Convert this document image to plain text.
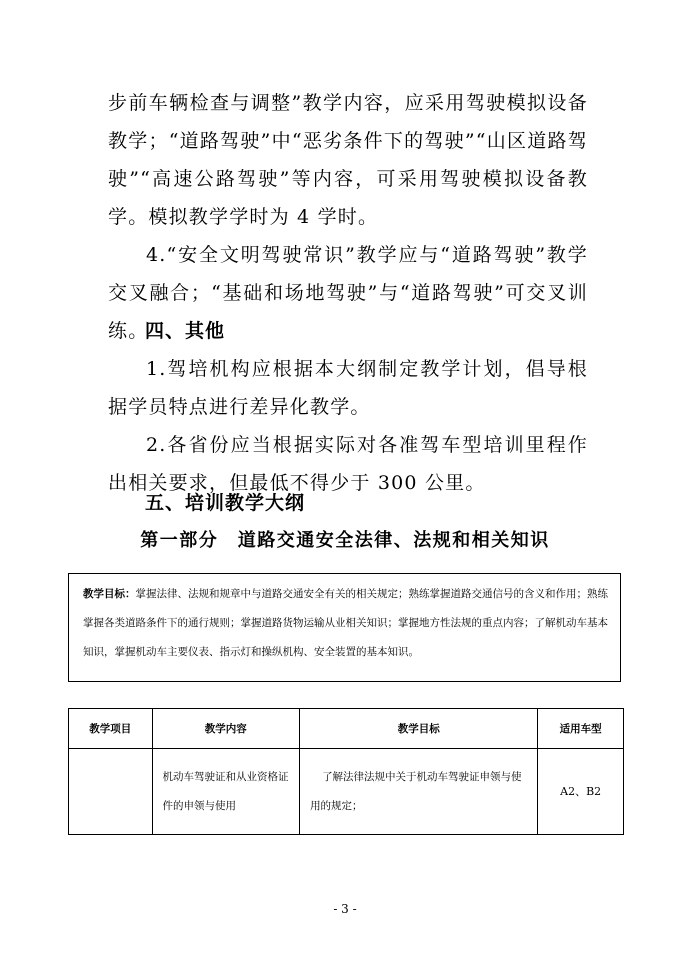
步前车辆检查与调整”教学内容，应采用驾驶模拟设备教学；“道路驾驶”中“恶劣条件下的驾驶”“山区道路驾驶”“高速公路驾驶”等内容，可采用驾驶模拟设备教学。模拟教学学时为 4 学时。
4.“安全文明驾驶常识”教学应与“道路驾驶”教学交叉融合；“基础和场地驾驶”与“道路驾驶”可交叉训练。
四、其他
1.驾培机构应根据本大纲制定教学计划，倡导根据学员特点进行差异化教学。
2.各省份应当根据实际对各准驾车型培训里程作出相关要求，但最低不得少于 300 公里。
五、培训教学大纲
第一部分　道路交通安全法律、法规和相关知识
教学目标：掌握法律、法规和规章中与道路交通安全有关的相关规定；熟练掌握道路交通信号的含义和作用；熟练掌握各类道路条件下的通行规则；掌握道路货物运输从业相关知识；掌握地方性法规的重点内容；了解机动车基本知识，掌握机动车主要仪表、指示灯和操纵机构、安全装置的基本知识。
教学项目	教学内容	教学目标	适用车型
	机动车驾驶证和从业资格证件的申领与使用	了解法律法规中关于机动车驾驶证申领与使用的规定；	A2、B2
- 3 -
